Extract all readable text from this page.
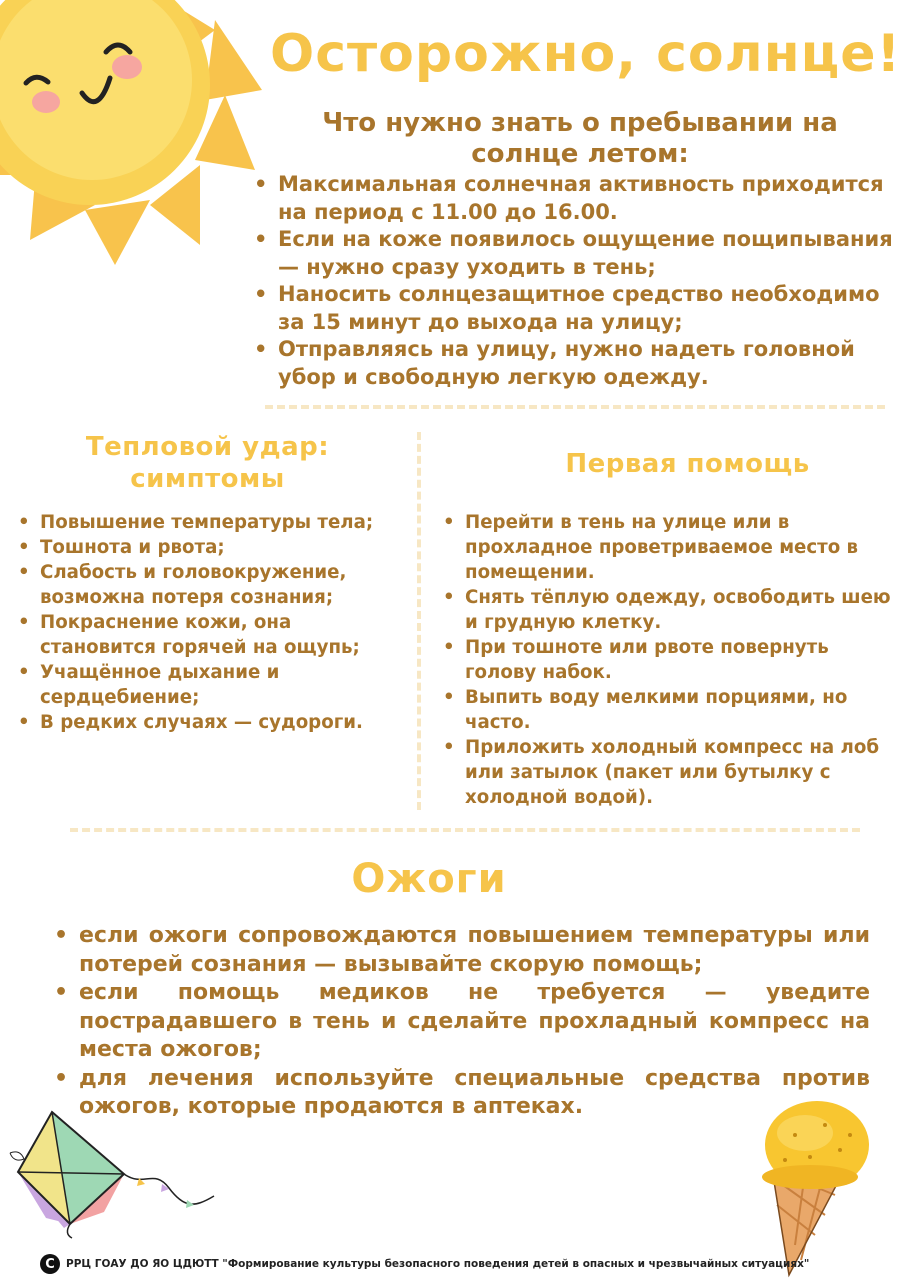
Осторожно, солнце!
Что нужно знать о пребывании на солнце летом:
• Максимальная солнечная активность приходится на период с 11.00 до 16.00.
• Если на коже появилось ощущение пощипывания — нужно сразу уходить в тень;
• Наносить солнцезащитное средство необходимо за 15 минут до выхода на улицу;
• Отправляясь на улицу, нужно надеть головной убор и свободную легкую одежду.
Тепловой удар:
симптомы
• Повышение температуры тела;
• Тошнота и рвота;
• Слабость и головокружение, возможна потеря сознания;
• Покраснение кожи, она становится горячей на ощупь;
• Учащённое дыхание и сердцебиение;
• В редких случаях — судороги.
Первая помощь
• Перейти в тень на улице или в прохладное проветриваемое место в помещении.
• Снять тёплую одежду, освободить шею и грудную клетку.
• При тошноте или рвоте повернуть голову набок.
• Выпить воду мелкими порциями, но часто.
• Приложить холодный компресс на лоб или затылок (пакет или бутылку с холодной водой).
Ожоги
• если ожоги сопровождаются повышением температуры или потерей сознания — вызывайте скорую помощь;
• если помощь медиков не требуется — уведите пострадавшего в тень и сделайте прохладный компресс на места ожогов;
• для лечения используйте специальные средства против ожогов, которые продаются в аптеках.
С	РРЦ ГОАУ ДО ЯО ЦДЮТТ "Формирование культуры безопасного поведения детей в опасных и чрезвычайных ситуациях"
